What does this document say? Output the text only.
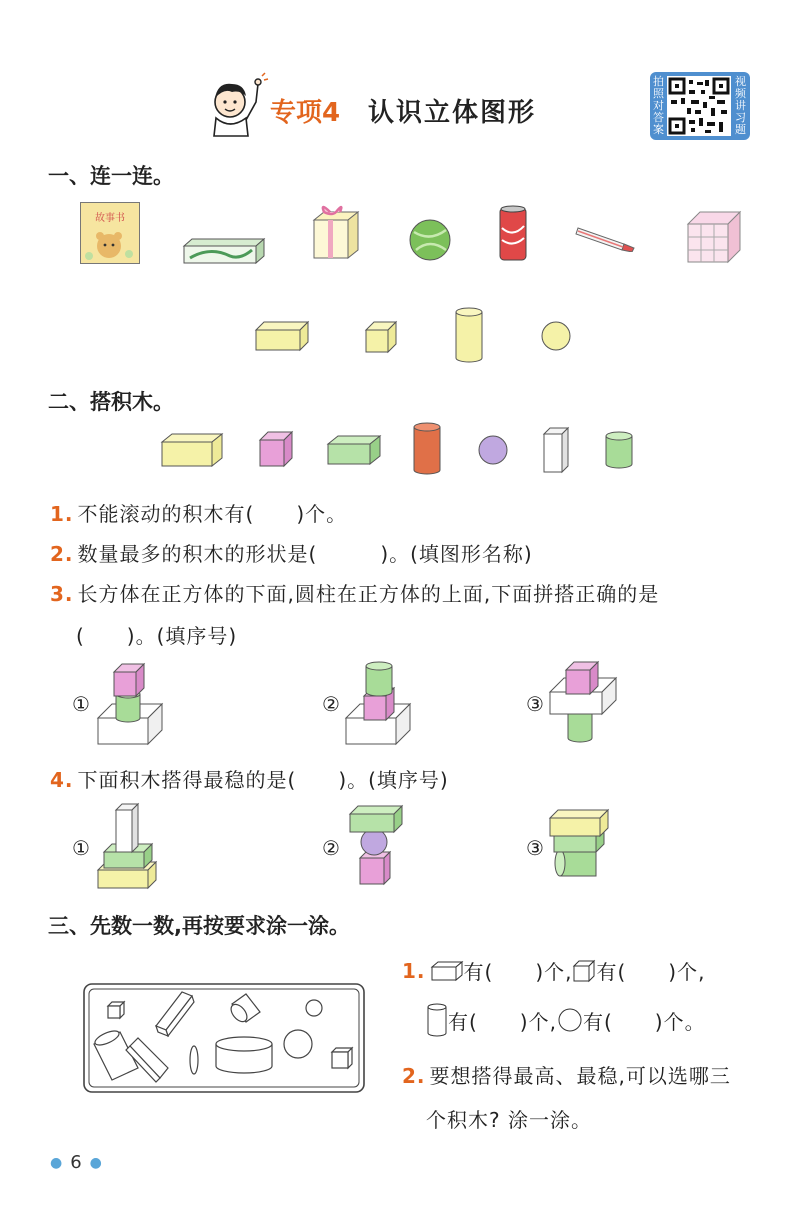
专项4 认识立体图形
拍照对答案
视频讲习题
一、连一连。
故事书
二、搭积木。
1. 不能滚动的积木有(　　)个。
2. 数量最多的积木的形状是(　　　)。(填图形名称)
3. 长方体在正方体的下面,圆柱在正方体的上面,下面拼搭正确的是
(　　)。(填序号)
①	②	③
4. 下面积木搭得最稳的是(　　)。(填序号)
①	②	③
三、先数一数,再按要求涂一涂。
1. 有(　　)个, 有(　　)个,
有(　　)个, 有(　　)个。
2. 要想搭得最高、最稳,可以选哪三
个积木? 涂一涂。
● 6 ●
